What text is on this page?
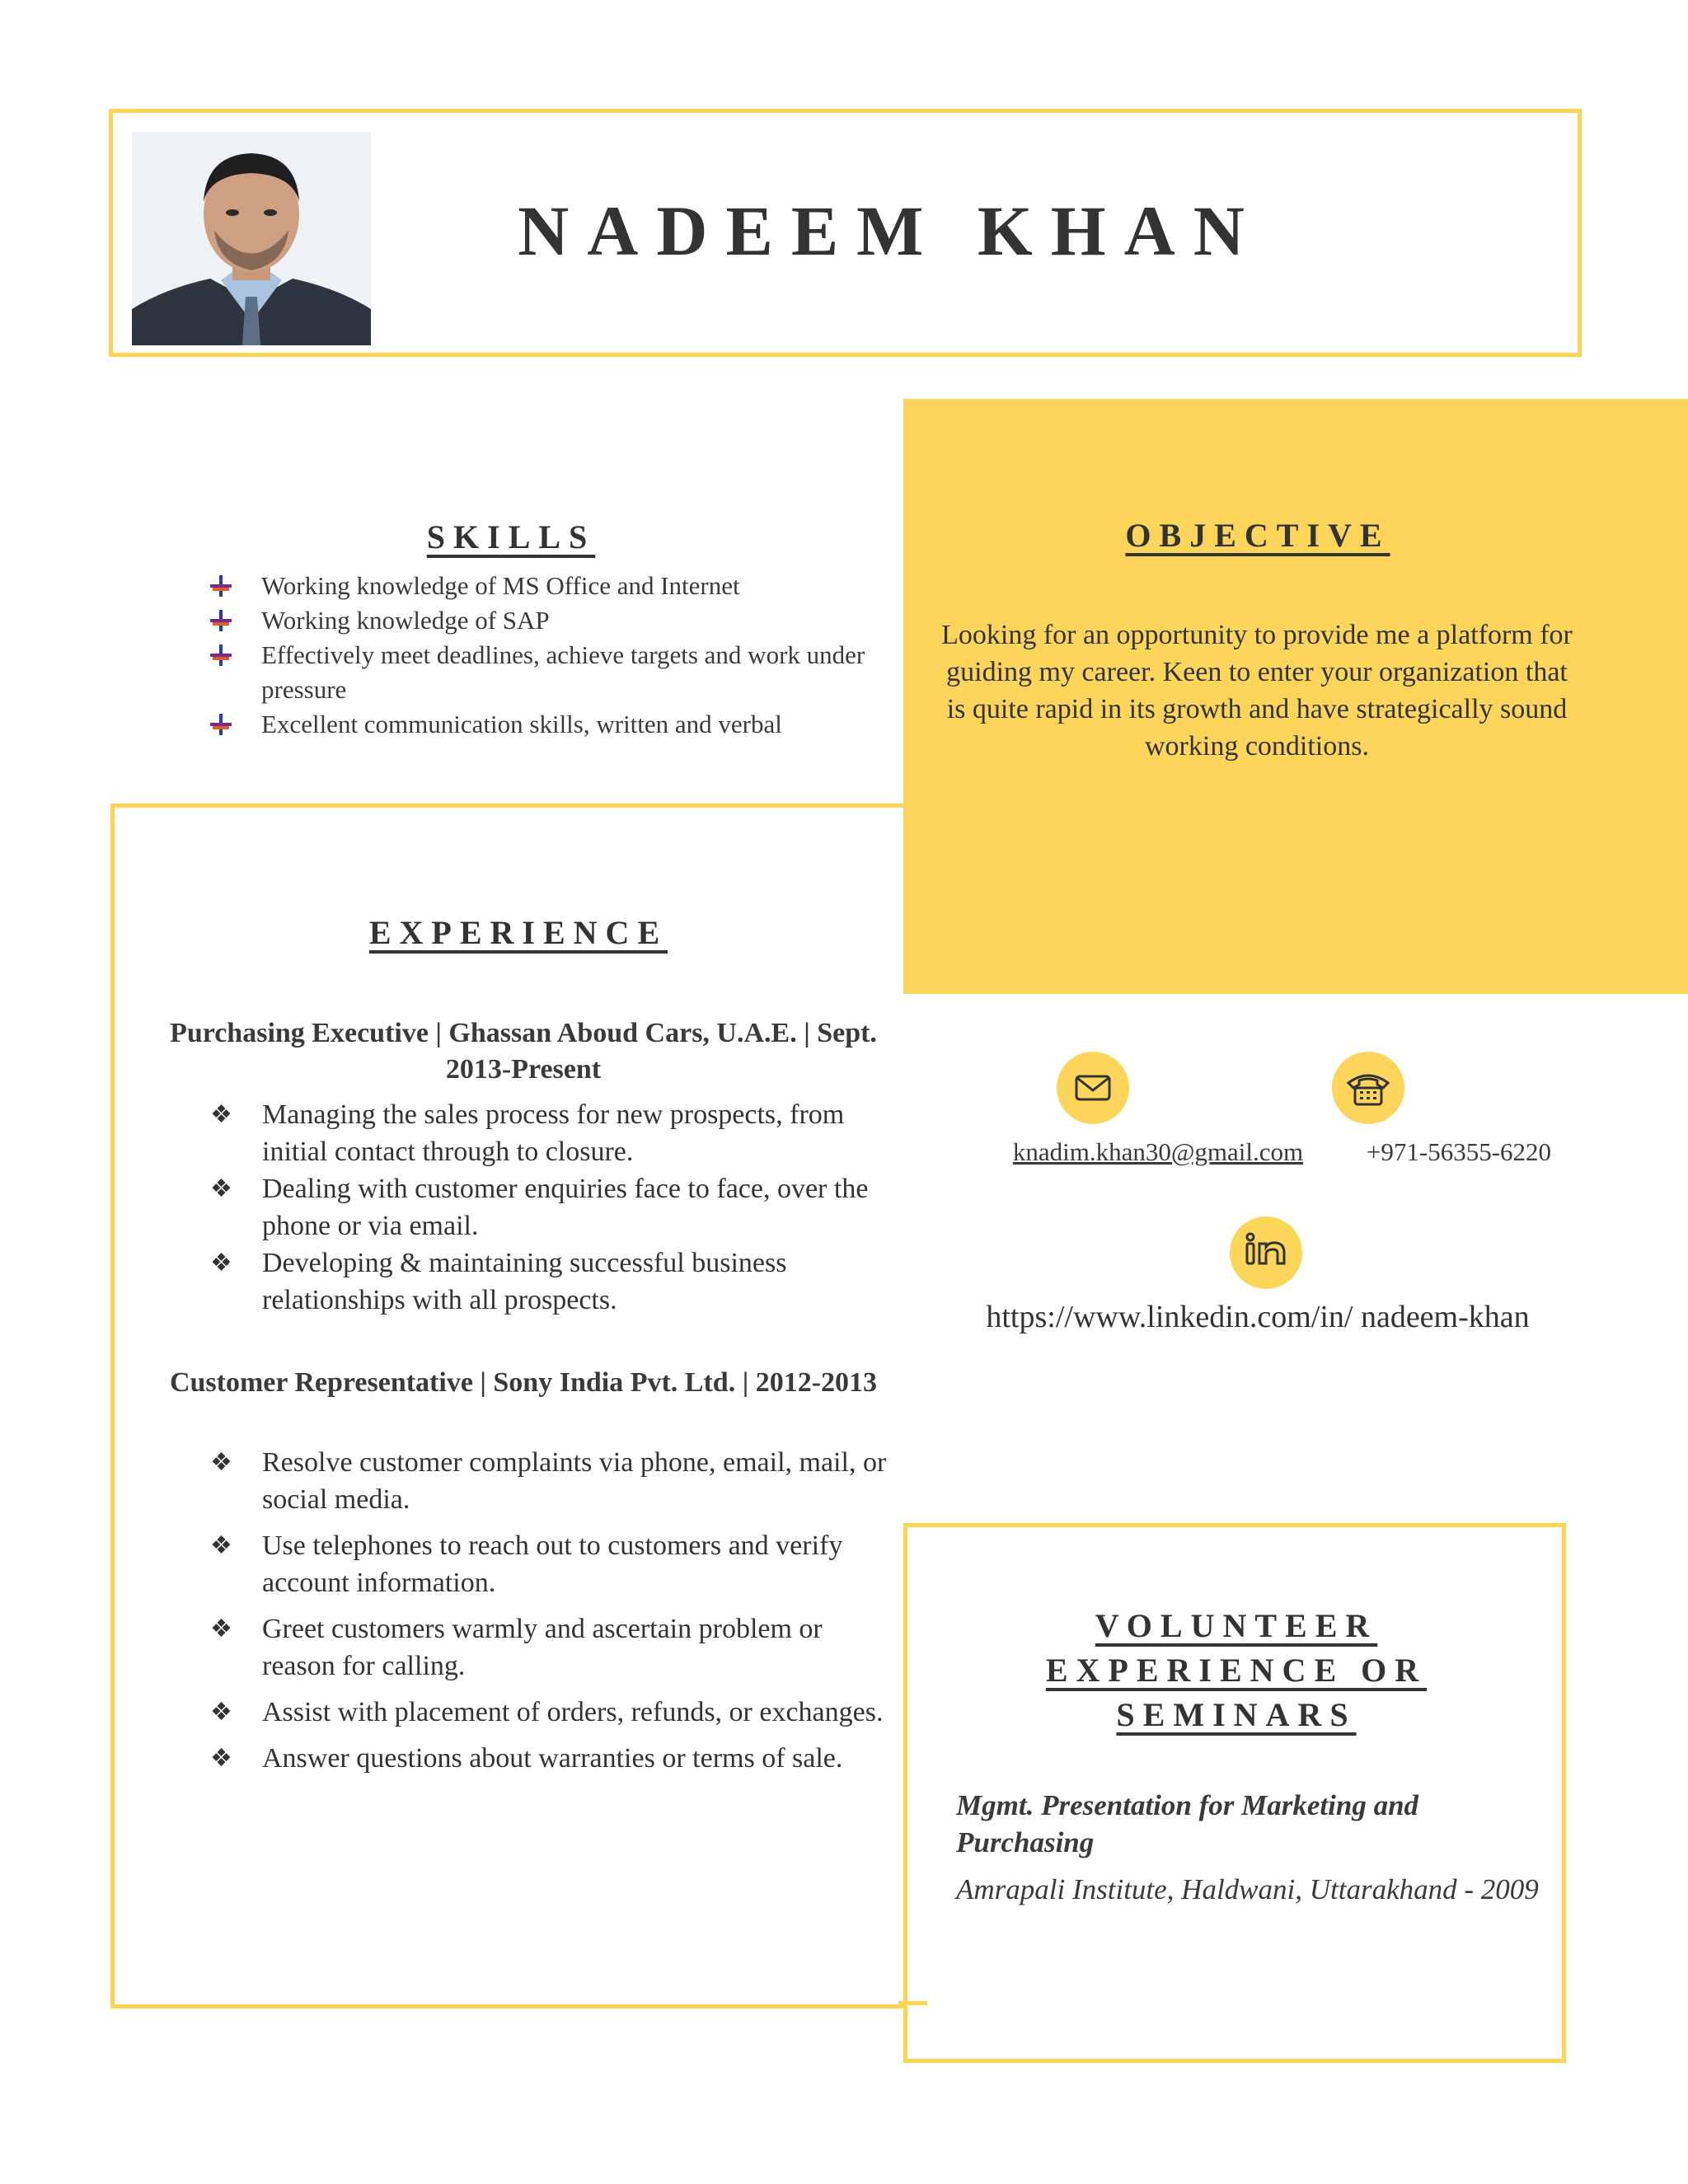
NADEEM KHAN
OBJECTIVE
Looking for an opportunity to provide me a platform for guiding my career. Keen to enter your organization that is quite rapid in its growth and have strategically sound working conditions.
SKILLS
Working knowledge of MS Office and Internet
Working knowledge of SAP
Effectively meet deadlines, achieve targets and work under pressure
Excellent communication skills, written and verbal
EXPERIENCE
Purchasing Executive | Ghassan Aboud Cars, U.A.E. | Sept. 2013-Present
❖ Managing the sales process for new prospects, from initial contact through to closure.
❖ Dealing with customer enquiries face to face, over the phone or via email.
❖ Developing & maintaining successful business relationships with all prospects.
Customer Representative | Sony India Pvt. Ltd. | 2012-2013
❖ Resolve customer complaints via phone, email, mail, or social media.
❖ Use telephones to reach out to customers and verify account information.
❖ Greet customers warmly and ascertain problem or reason for calling.
❖ Assist with placement of orders, refunds, or exchanges.
❖ Answer questions about warranties or terms of sale.
knadim.khan30@gmail.com	+971-56355-6220
https://www.linkedin.com/in/ nadeem-khan
VOLUNTEER EXPERIENCE OR SEMINARS
Mgmt. Presentation for Marketing and Purchasing
Amrapali Institute, Haldwani, Uttarakhand - 2009
